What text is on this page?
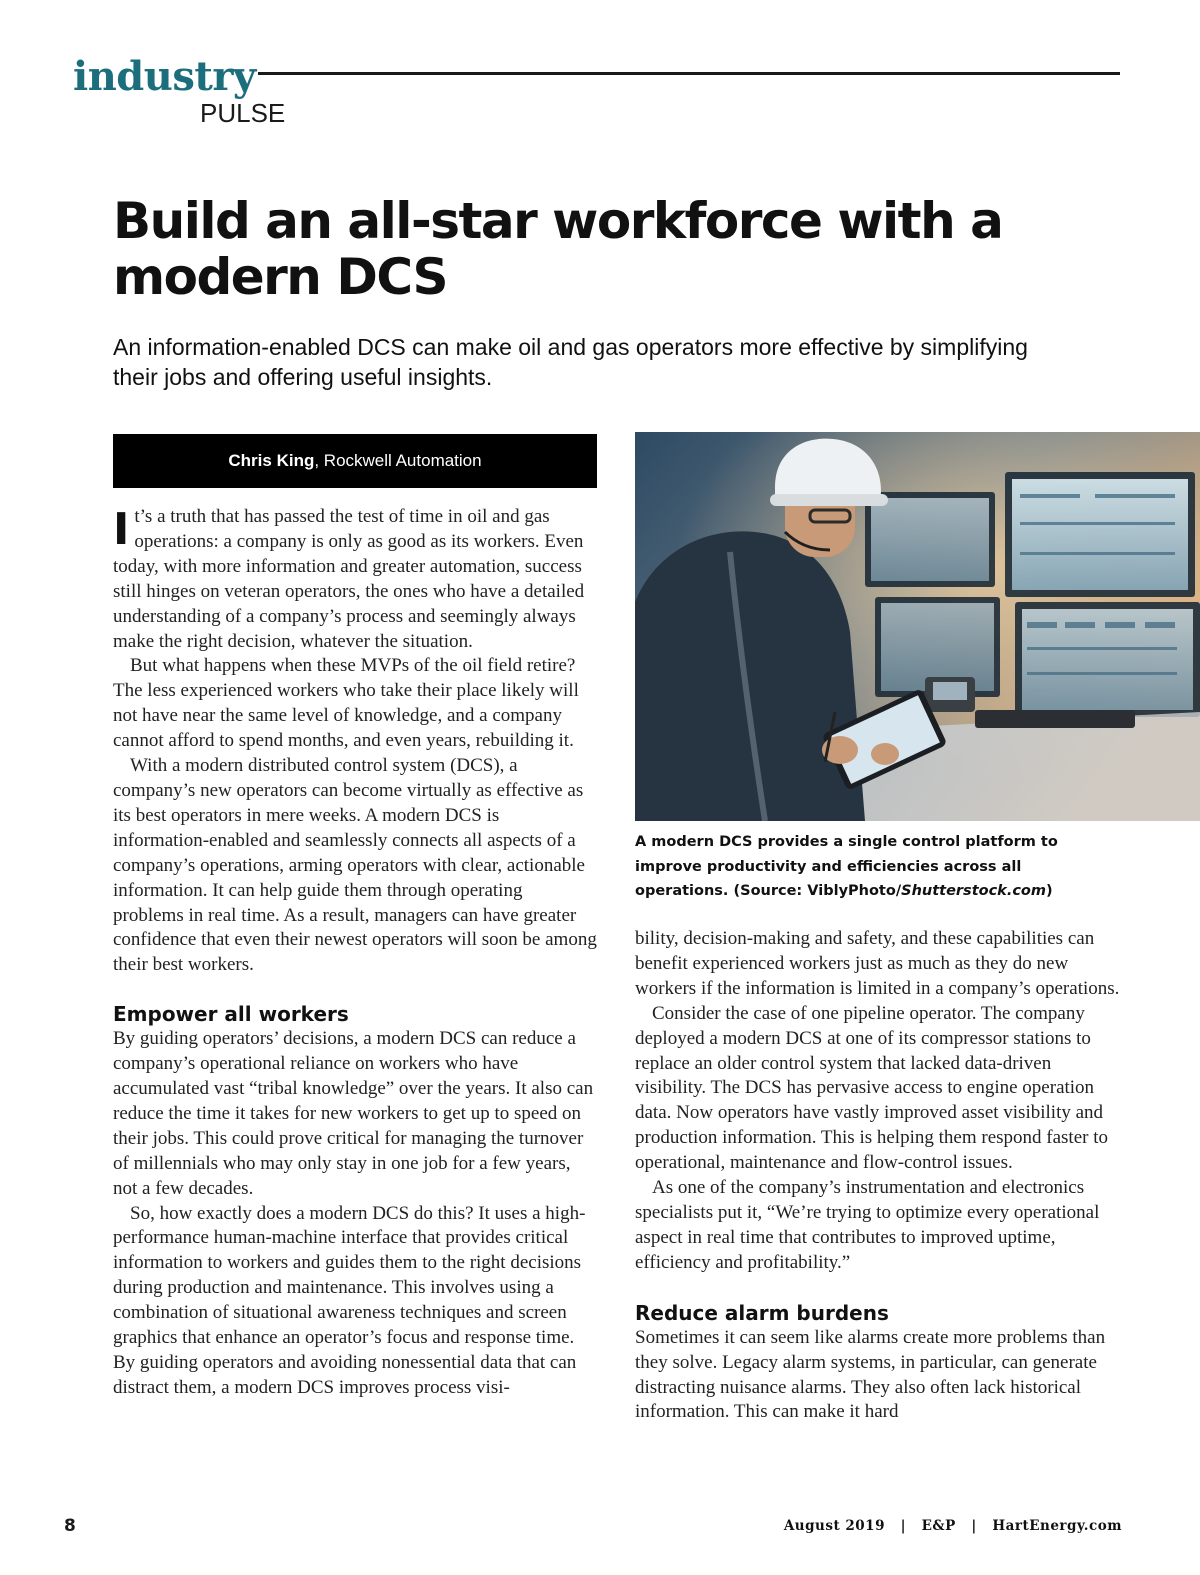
industry
PULSE
Build an all-star workforce with a modern DCS

An information-enabled DCS can make oil and gas operators more effective by simplifying their jobs and offering useful insights.

Chris King, Rockwell Automation

It’s a truth that has passed the test of time in oil and gas operations: a company is only as good as its workers. Even today, with more information and greater automation, success still hinges on veteran operators, the ones who have a detailed understanding of a company’s process and seemingly always make the right decision, whatever the situation.

But what happens when these MVPs of the oil field retire? The less experienced workers who take their place likely will not have near the same level of knowledge, and a company cannot afford to spend months, and even years, rebuilding it.

With a modern distributed control system (DCS), a company’s new operators can become virtually as effective as its best operators in mere weeks. A modern DCS is information-enabled and seamlessly connects all aspects of a company’s operations, arming operators with clear, actionable information. It can help guide them through operating problems in real time. As a result, managers can have greater confidence that even their newest operators will soon be among their best workers.

Empower all workers

By guiding operators’ decisions, a modern DCS can reduce a company’s operational reliance on workers who have accumulated vast “tribal knowledge” over the years. It also can reduce the time it takes for new workers to get up to speed on their jobs. This could prove critical for managing the turnover of millennials who may only stay in one job for a few years, not a few decades.

So, how exactly does a modern DCS do this? It uses a high-performance human-machine interface that provides critical information to workers and guides them to the right decisions during production and maintenance. This involves using a combination of situational awareness techniques and screen graphics that enhance an operator’s focus and response time. By guiding operators and avoiding nonessential data that can distract them, a modern DCS improves process visi-

A modern DCS provides a single control platform to improve productivity and efficiencies across all operations. (Source: ViblyPhoto/Shutterstock.com)

bility, decision-making and safety, and these capabilities can benefit experienced workers just as much as they do new workers if the information is limited in a company’s operations.

Consider the case of one pipeline operator. The company deployed a modern DCS at one of its compressor stations to replace an older control system that lacked data-driven visibility. The DCS has pervasive access to engine operation data. Now operators have vastly improved asset visibility and production information. This is helping them respond faster to operational, maintenance and flow-control issues.

As one of the company’s instrumentation and electronics specialists put it, “We’re trying to optimize every operational aspect in real time that contributes to improved uptime, efficiency and profitability.”

Reduce alarm burdens

Sometimes it can seem like alarms create more problems than they solve. Legacy alarm systems, in particular, can generate distracting nuisance alarms. They also often lack historical information. This can make it hard

8	August 2019 | E&P | HartEnergy.com
